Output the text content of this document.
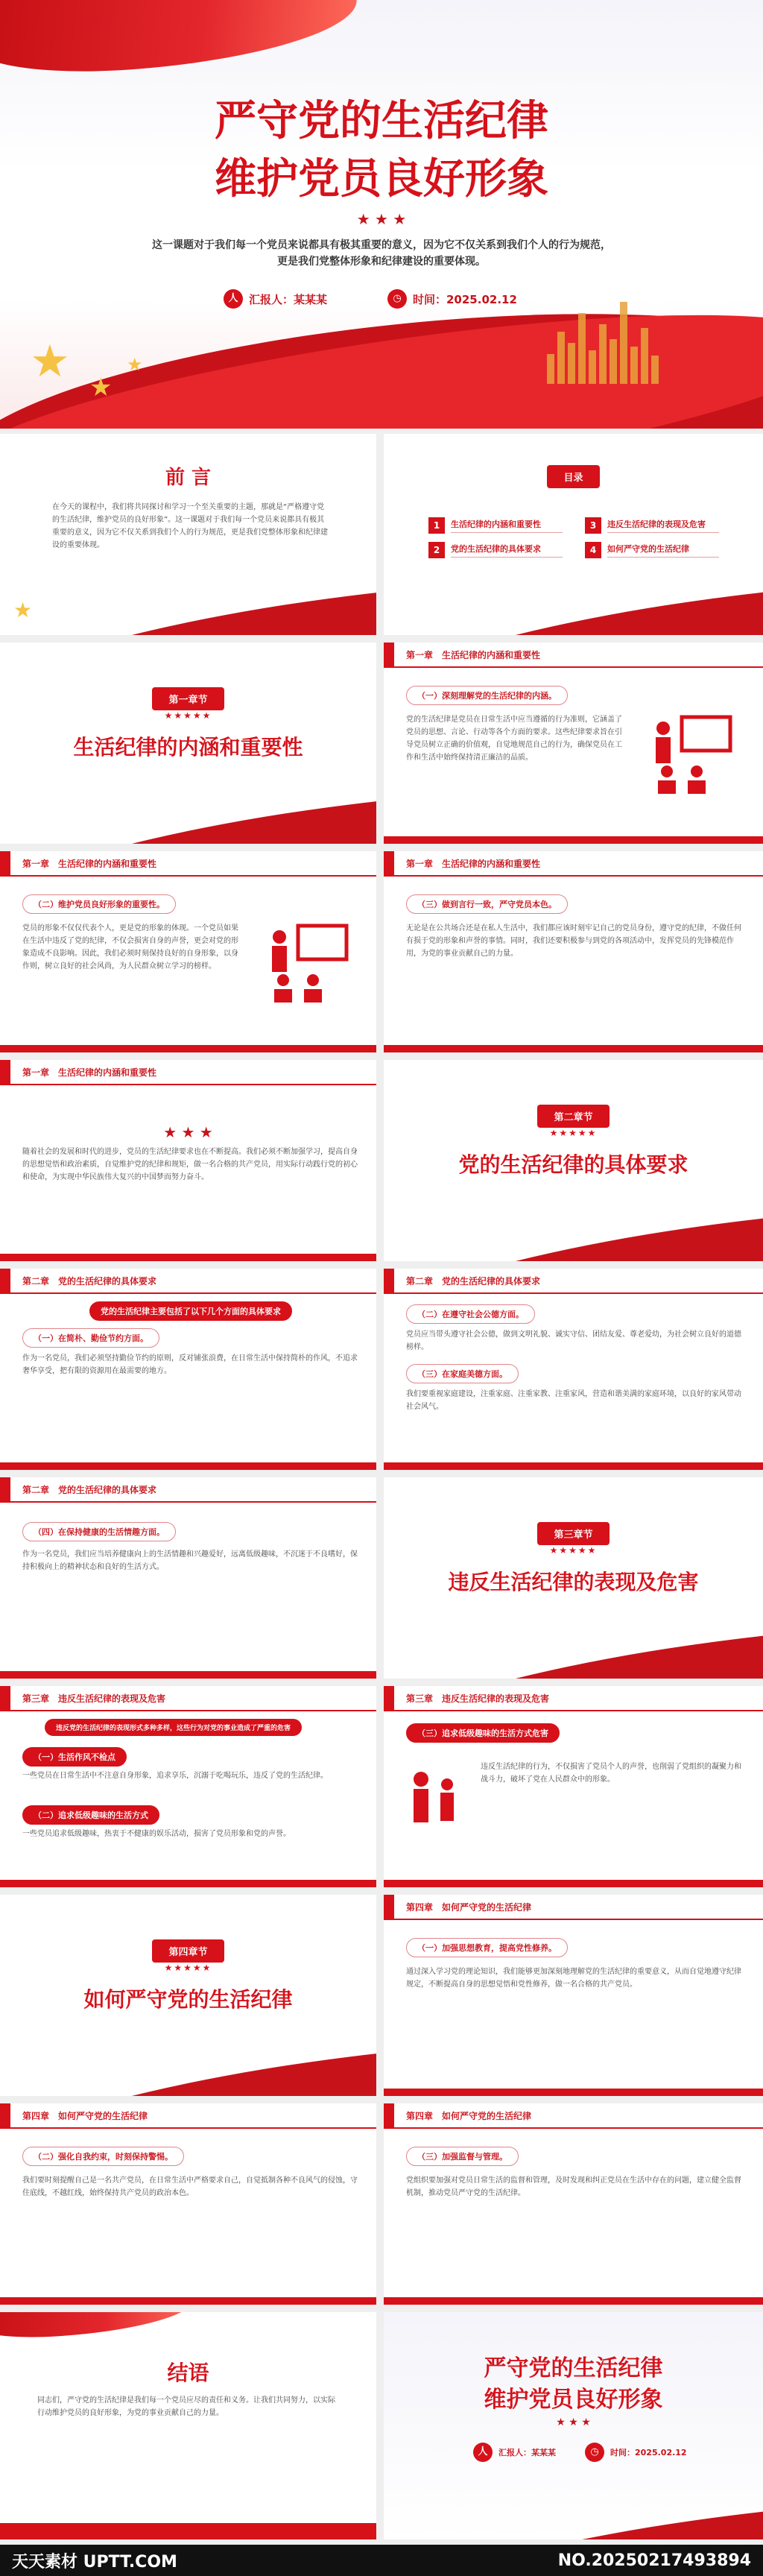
★ ★
★
严守党的生活纪律
维护党员良好形象
★ ★ ★
这一课题对于我们每一个党员来说都具有极其重要的意义，因为它不仅关系到我们个人的行为规范，更是我们党整体形象和纪律建设的重要体现。
人 汇报人：某某某	◷	时间：2025.02.12
★
前 言
在今天的课程中，我们将共同探讨和学习一个至关重要的主题，那就是“严格遵守党的生活纪律，维护党员的良好形象”。这一课题对于我们每一个党员来说都具有极其重要的意义，因为它不仅关系到我们个人的行为规范，更是我们党整体形象和纪律建设的重要体现。
目录
1	生活纪律的内涵和重要性	3	违反生活纪律的表现及危害
2	党的生活纪律的具体要求	4	如何严守党的生活纪律
第一章节
★★★★★
生活纪律的内涵和重要性
第一章 生活纪律的内涵和重要性
（一）深刻理解党的生活纪律的内涵。
党的生活纪律是党员在日常生活中应当遵循的行为准则，它涵盖了党员的思想、言论、行动等各个方面的要求。这些纪律要求旨在引导党员树立正确的价值观，自觉地规范自己的行为，确保党员在工作和生活中始终保持清正廉洁的品质。
第一章 生活纪律的内涵和重要性
（二）维护党员良好形象的重要性。
党员的形象不仅仅代表个人，更是党的形象的体现。一个党员如果在生活中违反了党的纪律，不仅会损害自身的声誉，更会对党的形象造成不良影响。因此，我们必须时刻保持良好的自身形象，以身作则，树立良好的社会风尚，为人民群众树立学习的榜样。
第一章 生活纪律的内涵和重要性
（三）做到言行一致，严守党员本色。
无论是在公共场合还是在私人生活中，我们都应该时刻牢记自己的党员身份，遵守党的纪律，不做任何有损于党的形象和声誉的事情。同时，我们还要积极参与到党的各项活动中，发挥党员的先锋模范作用，为党的事业贡献自己的力量。
第一章 生活纪律的内涵和重要性
★ ★ ★
随着社会的发展和时代的进步，党员的生活纪律要求也在不断提高。我们必须不断加强学习，提高自身的思想觉悟和政治素质，自觉维护党的纪律和规矩，做一名合格的共产党员，用实际行动践行党的初心和使命，为实现中华民族伟大复兴的中国梦而努力奋斗。
第二章节
★★★★★
党的生活纪律的具体要求
第二章 党的生活纪律的具体要求
党的生活纪律主要包括了以下几个方面的具体要求
（一）在简朴、勤俭节约方面。
作为一名党员，我们必须坚持勤俭节约的原则，反对铺张浪费，在日常生活中保持简朴的作风，不追求奢华享受，把有限的资源用在最需要的地方。
第二章 党的生活纪律的具体要求
（二）在遵守社会公德方面。
党员应当带头遵守社会公德，做到文明礼貌、诚实守信、团结友爱、尊老爱幼，为社会树立良好的道德榜样。
（三）在家庭美德方面。
我们要重视家庭建设，注重家庭、注重家教、注重家风，营造和谐美满的家庭环境，以良好的家风带动社会风气。
第二章 党的生活纪律的具体要求
（四）在保持健康的生活情趣方面。
作为一名党员，我们应当培养健康向上的生活情趣和兴趣爱好，远离低级趣味，不沉迷于不良嗜好，保持积极向上的精神状态和良好的生活方式。
第三章节
★★★★★
违反生活纪律的表现及危害
第三章 违反生活纪律的表现及危害
违反党的生活纪律的表现形式多种多样，这些行为对党的事业造成了严重的危害
（一）生活作风不检点
一些党员在日常生活中不注意自身形象，追求享乐，沉溺于吃喝玩乐，违反了党的生活纪律。
（二）追求低级趣味的生活方式
一些党员追求低级趣味，热衷于不健康的娱乐活动，损害了党员形象和党的声誉。
第三章 违反生活纪律的表现及危害
（三）追求低级趣味的生活方式危害
违反生活纪律的行为，不仅损害了党员个人的声誉，也削弱了党组织的凝聚力和战斗力，破坏了党在人民群众中的形象。
第四章节
★★★★★
如何严守党的生活纪律
第四章 如何严守党的生活纪律
（一）加强思想教育，提高党性修养。
通过深入学习党的理论知识，我们能够更加深刻地理解党的生活纪律的重要意义，从而自觉地遵守纪律规定，不断提高自身的思想觉悟和党性修养，做一名合格的共产党员。
第四章 如何严守党的生活纪律
（二）强化自我约束，时刻保持警惕。
我们要时刻提醒自己是一名共产党员，在日常生活中严格要求自己，自觉抵制各种不良风气的侵蚀，守住底线，不越红线，始终保持共产党员的政治本色。
第四章 如何严守党的生活纪律
（三）加强监督与管理。
党组织要加强对党员日常生活的监督和管理，及时发现和纠正党员在生活中存在的问题，建立健全监督机制，推动党员严守党的生活纪律。
结语
同志们，严守党的生活纪律是我们每一个党员应尽的责任和义务。让我们共同努力，以实际行动维护党员的良好形象，为党的事业贡献自己的力量。
严守党的生活纪律
维护党员良好形象
★ ★ ★
人	汇报人：某某某	◷	时间：2025.02.12
天天素材 UPTT.COM	NO.20250217493894
